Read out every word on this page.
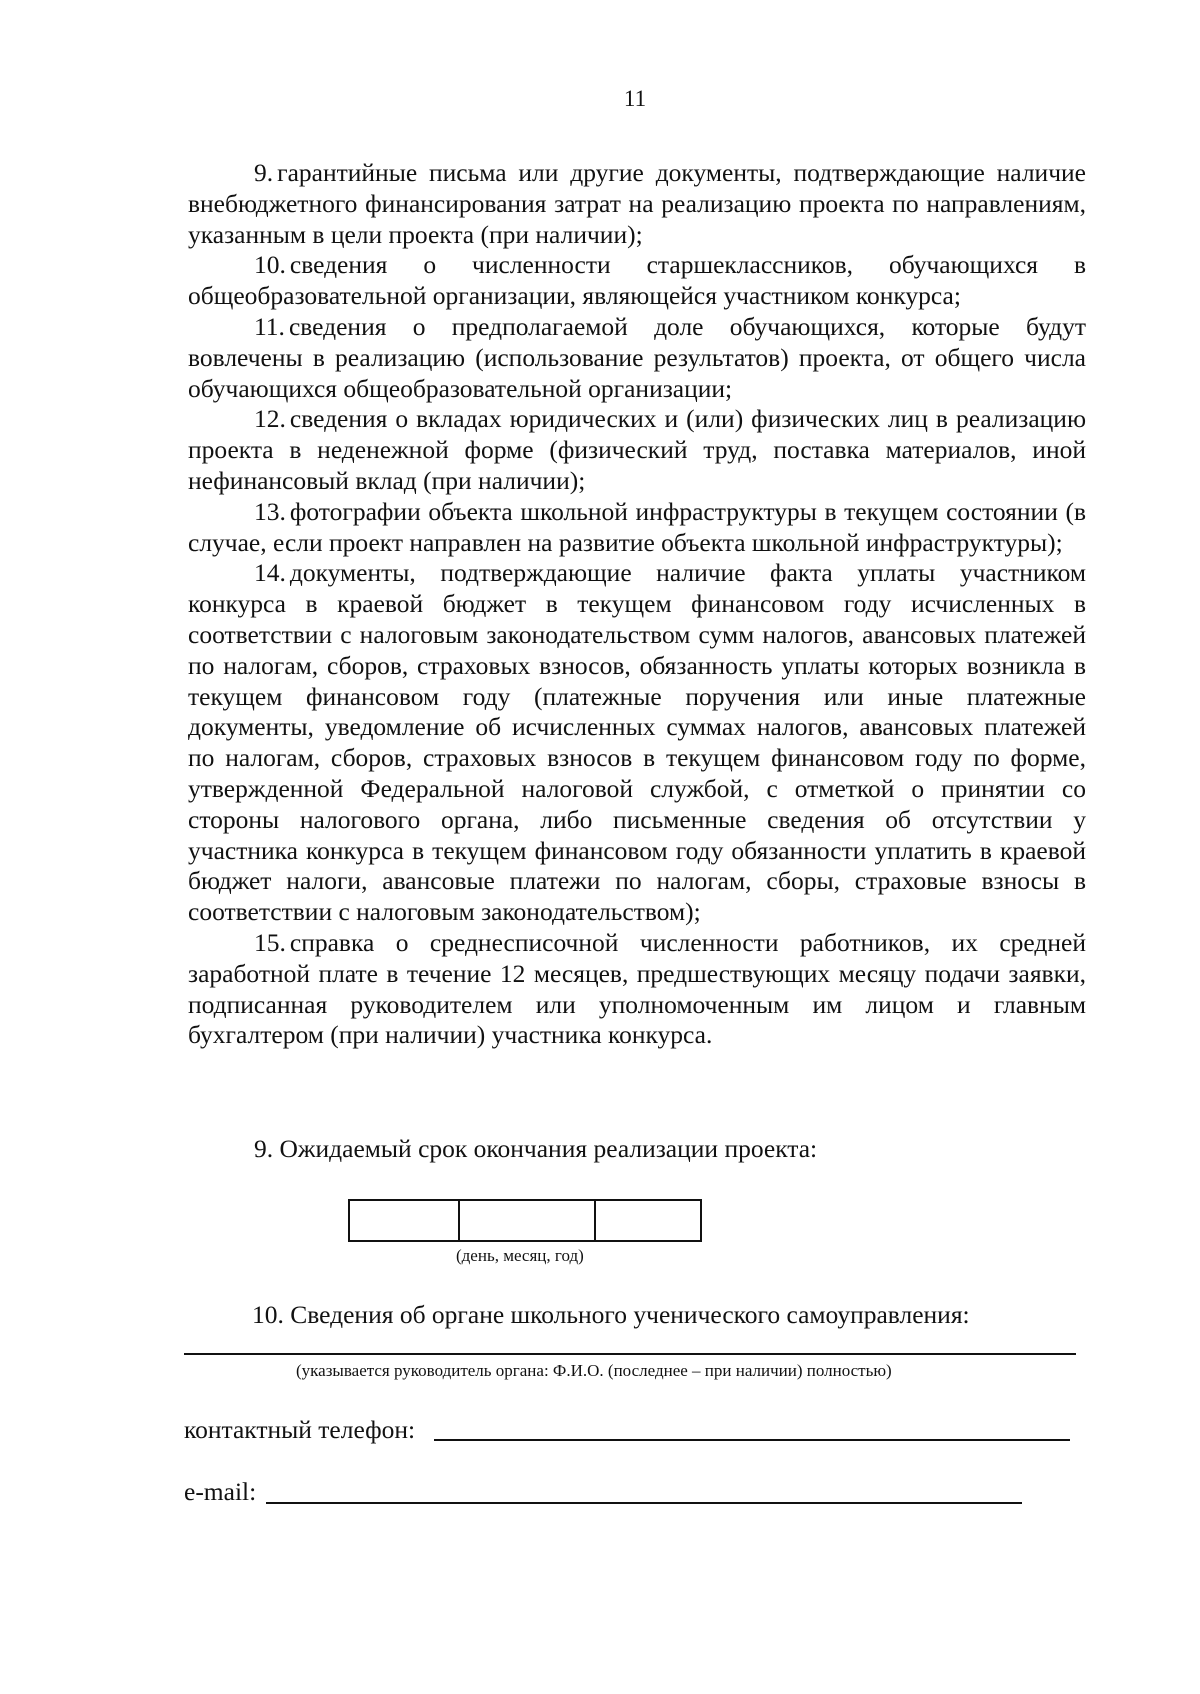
11

9. гарантийные письма или другие документы, подтверждающие наличие внебюджетного финансирования затрат на реализацию проекта по направлениям, указанным в цели проекта (при наличии);

10. сведения о численности старшеклассников, обучающихся в общеобразовательной организации, являющейся участником конкурса;

11. сведения о предполагаемой доле обучающихся, которые будут вовлечены в реализацию (использование результатов) проекта, от общего числа обучающихся общеобразовательной организации;

12. сведения о вкладах юридических и (или) физических лиц в реализацию проекта в неденежной форме (физический труд, поставка материалов, иной нефинансовый вклад (при наличии);

13. фотографии объекта школьной инфраструктуры в текущем состоянии (в случае, если проект направлен на развитие объекта школьной инфраструктуры);

14. документы, подтверждающие наличие факта уплаты участником конкурса в краевой бюджет в текущем финансовом году исчисленных в соответствии с налоговым законодательством сумм налогов, авансовых платежей по налогам, сборов, страховых взносов, обязанность уплаты которых возникла в текущем финансовом году (платежные поручения или иные платежные документы, уведомление об исчисленных суммах налогов, авансовых платежей по налогам, сборов, страховых взносов в текущем финансовом году по форме, утвержденной Федеральной налоговой службой, с отметкой о принятии со стороны налогового органа, либо письменные сведения об отсутствии у участника конкурса в текущем финансовом году обязанности уплатить в краевой бюджет налоги, авансовые платежи по налогам, сборы, страховые взносы в соответствии с налоговым законодательством);

15. справка о среднесписочной численности работников, их средней заработной плате в течение 12 месяцев, предшествующих месяцу подачи заявки, подписанная руководителем или уполномоченным им лицом и главным бухгалтером (при наличии) участника конкурса.

9. Ожидаемый срок окончания реализации проекта:
(день, месяц, год)
10. Сведения об органе школьного ученического самоуправления:
(указывается руководитель органа: Ф.И.О. (последнее – при наличии) полностью)
контактный телефон:
e-mail:
